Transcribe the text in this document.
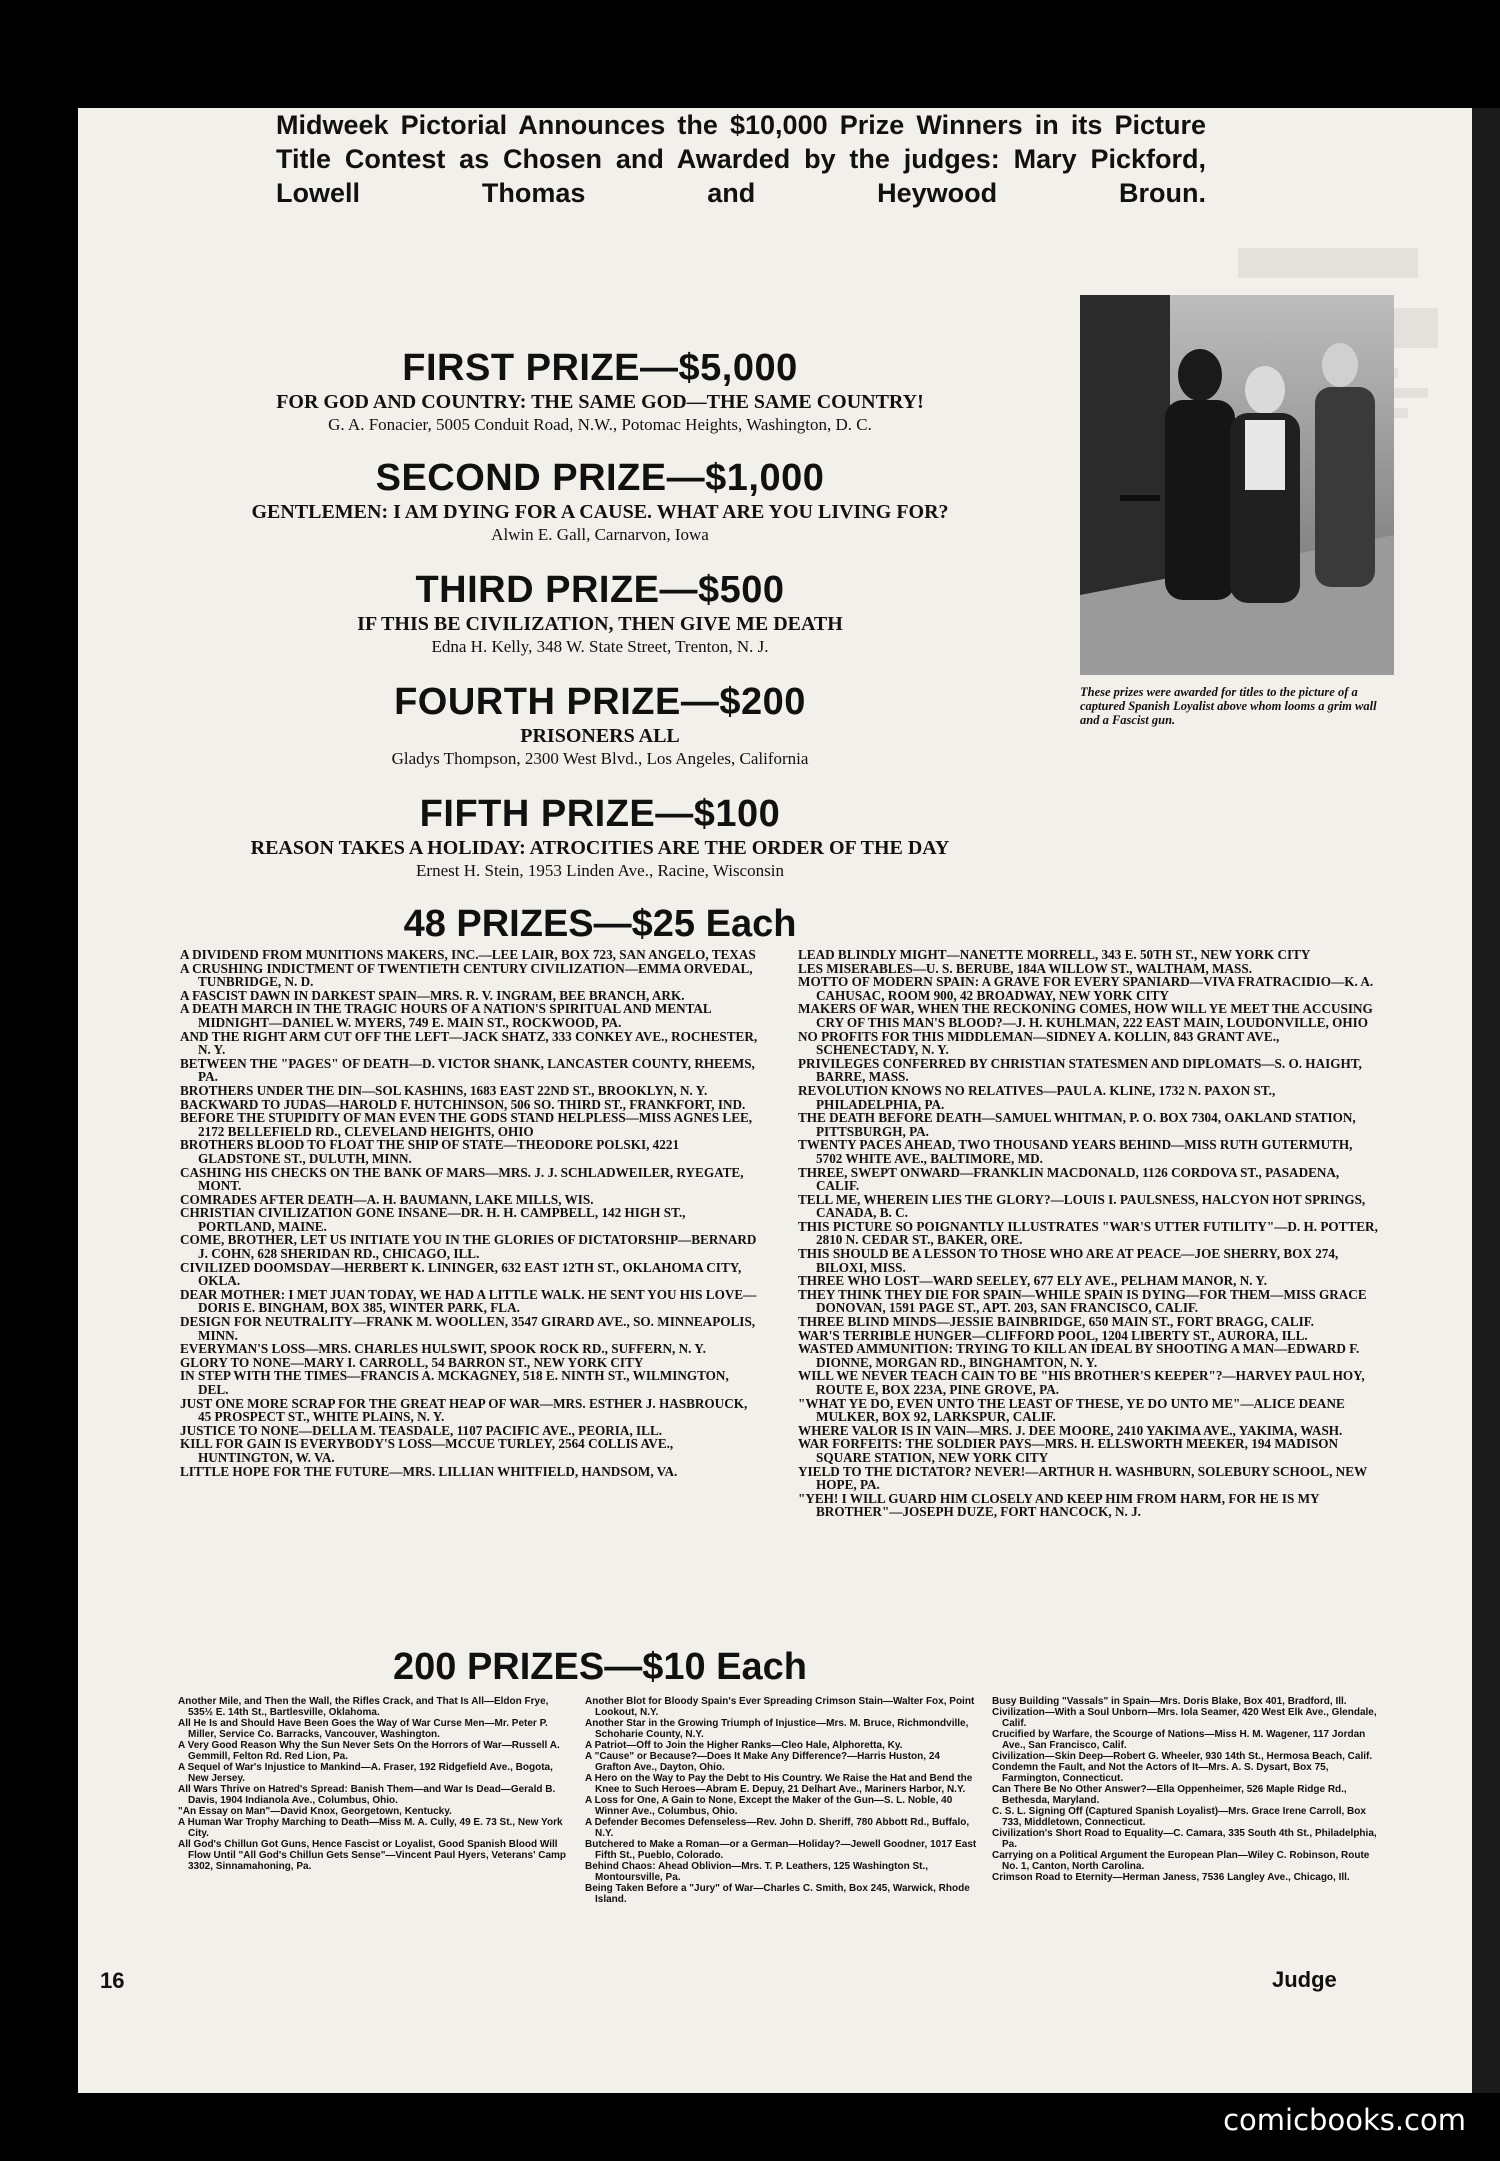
Midweek Pictorial Announces the $10,000 Prize Winners in its Picture Title Contest as Chosen and Awarded by the judges: Mary Pickford, Lowell Thomas and Heywood Broun.
FIRST PRIZE—$5,000
FOR GOD AND COUNTRY: THE SAME GOD—THE SAME COUNTRY!
G. A. Fonacier, 5005 Conduit Road, N.W., Potomac Heights, Washington, D. C.
SECOND PRIZE—$1,000
GENTLEMEN: I AM DYING FOR A CAUSE. WHAT ARE YOU LIVING FOR?
Alwin E. Gall, Carnarvon, Iowa
THIRD PRIZE—$500
IF THIS BE CIVILIZATION, THEN GIVE ME DEATH
Edna H. Kelly, 348 W. State Street, Trenton, N. J.
FOURTH PRIZE—$200
PRISONERS ALL
Gladys Thompson, 2300 West Blvd., Los Angeles, California
FIFTH PRIZE—$100
REASON TAKES A HOLIDAY: ATROCITIES ARE THE ORDER OF THE DAY
Ernest H. Stein, 1953 Linden Ave., Racine, Wisconsin
These prizes were awarded for titles to the picture of a captured Spanish Loyalist above whom looms a grim wall and a Fascist gun.
48 PRIZES—$25 Each

A DIVIDEND FROM MUNITIONS MAKERS, INC.—LEE LAIR, BOX 723, SAN ANGELO, TEXAS

A CRUSHING INDICTMENT OF TWENTIETH CENTURY CIVILIZATION—EMMA ORVEDAL, TUNBRIDGE, N. D.

A FASCIST DAWN IN DARKEST SPAIN—MRS. R. V. INGRAM, BEE BRANCH, ARK.

A DEATH MARCH IN THE TRAGIC HOURS OF A NATION'S SPIRITUAL AND MENTAL MIDNIGHT—DANIEL W. MYERS, 749 E. MAIN ST., ROCKWOOD, PA.

AND THE RIGHT ARM CUT OFF THE LEFT—JACK SHATZ, 333 CONKEY AVE., ROCHESTER, N. Y.

BETWEEN THE "PAGES" OF DEATH—D. VICTOR SHANK, LANCASTER COUNTY, RHEEMS, PA.

BROTHERS UNDER THE DIN—SOL KASHINS, 1683 EAST 22ND ST., BROOKLYN, N. Y.

BACKWARD TO JUDAS—HAROLD F. HUTCHINSON, 506 SO. THIRD ST., FRANKFORT, IND.

BEFORE THE STUPIDITY OF MAN EVEN THE GODS STAND HELPLESS—MISS AGNES LEE, 2172 BELLEFIELD RD., CLEVELAND HEIGHTS, OHIO

BROTHERS BLOOD TO FLOAT THE SHIP OF STATE—THEODORE POLSKI, 4221 GLADSTONE ST., DULUTH, MINN.

CASHING HIS CHECKS ON THE BANK OF MARS—MRS. J. J. SCHLADWEILER, RYEGATE, MONT.

COMRADES AFTER DEATH—A. H. BAUMANN, LAKE MILLS, WIS.

CHRISTIAN CIVILIZATION GONE INSANE—DR. H. H. CAMPBELL, 142 HIGH ST., PORTLAND, MAINE.

COME, BROTHER, LET US INITIATE YOU IN THE GLORIES OF DICTATORSHIP—BERNARD J. COHN, 628 SHERIDAN RD., CHICAGO, ILL.

CIVILIZED DOOMSDAY—HERBERT K. LININGER, 632 EAST 12TH ST., OKLAHOMA CITY, OKLA.

DEAR MOTHER: I MET JUAN TODAY, WE HAD A LITTLE WALK. HE SENT YOU HIS LOVE—DORIS E. BINGHAM, BOX 385, WINTER PARK, FLA.

DESIGN FOR NEUTRALITY—FRANK M. WOOLLEN, 3547 GIRARD AVE., SO. MINNEAPOLIS, MINN.

EVERYMAN'S LOSS—MRS. CHARLES HULSWIT, SPOOK ROCK RD., SUFFERN, N. Y.

GLORY TO NONE—MARY I. CARROLL, 54 BARRON ST., NEW YORK CITY

IN STEP WITH THE TIMES—FRANCIS A. MCKAGNEY, 518 E. NINTH ST., WILMINGTON, DEL.

JUST ONE MORE SCRAP FOR THE GREAT HEAP OF WAR—MRS. ESTHER J. HASBROUCK, 45 PROSPECT ST., WHITE PLAINS, N. Y.

JUSTICE TO NONE—DELLA M. TEASDALE, 1107 PACIFIC AVE., PEORIA, ILL.

KILL FOR GAIN IS EVERYBODY'S LOSS—MCCUE TURLEY, 2564 COLLIS AVE., HUNTINGTON, W. VA.

LITTLE HOPE FOR THE FUTURE—MRS. LILLIAN WHITFIELD, HANDSOM, VA.

LEAD BLINDLY MIGHT—NANETTE MORRELL, 343 E. 50TH ST., NEW YORK CITY

LES MISERABLES—U. S. BERUBE, 184A WILLOW ST., WALTHAM, MASS.

MOTTO OF MODERN SPAIN: A GRAVE FOR EVERY SPANIARD—VIVA FRATRACIDIO—K. A. CAHUSAC, ROOM 900, 42 BROADWAY, NEW YORK CITY

MAKERS OF WAR, WHEN THE RECKONING COMES, HOW WILL YE MEET THE ACCUSING CRY OF THIS MAN'S BLOOD?—J. H. KUHLMAN, 222 EAST MAIN, LOUDONVILLE, OHIO

NO PROFITS FOR THIS MIDDLEMAN—SIDNEY A. KOLLIN, 843 GRANT AVE., SCHENECTADY, N. Y.

PRIVILEGES CONFERRED BY CHRISTIAN STATESMEN AND DIPLOMATS—S. O. HAIGHT, BARRE, MASS.

REVOLUTION KNOWS NO RELATIVES—PAUL A. KLINE, 1732 N. PAXON ST., PHILADELPHIA, PA.

THE DEATH BEFORE DEATH—SAMUEL WHITMAN, P. O. BOX 7304, OAKLAND STATION, PITTSBURGH, PA.

TWENTY PACES AHEAD, TWO THOUSAND YEARS BEHIND—MISS RUTH GUTERMUTH, 5702 WHITE AVE., BALTIMORE, MD.

THREE, SWEPT ONWARD—FRANKLIN MACDONALD, 1126 CORDOVA ST., PASADENA, CALIF.

TELL ME, WHEREIN LIES THE GLORY?—LOUIS I. PAULSNESS, HALCYON HOT SPRINGS, CANADA, B. C.

THIS PICTURE SO POIGNANTLY ILLUSTRATES "WAR'S UTTER FUTILITY"—D. H. POTTER, 2810 N. CEDAR ST., BAKER, ORE.

THIS SHOULD BE A LESSON TO THOSE WHO ARE AT PEACE—JOE SHERRY, BOX 274, BILOXI, MISS.

THREE WHO LOST—WARD SEELEY, 677 ELY AVE., PELHAM MANOR, N. Y.

THEY THINK THEY DIE FOR SPAIN—WHILE SPAIN IS DYING—FOR THEM—MISS GRACE DONOVAN, 1591 PAGE ST., APT. 203, SAN FRANCISCO, CALIF.

THREE BLIND MINDS—JESSIE BAINBRIDGE, 650 MAIN ST., FORT BRAGG, CALIF.

WAR'S TERRIBLE HUNGER—CLIFFORD POOL, 1204 LIBERTY ST., AURORA, ILL.

WASTED AMMUNITION: TRYING TO KILL AN IDEAL BY SHOOTING A MAN—EDWARD F. DIONNE, MORGAN RD., BINGHAMTON, N. Y.

WILL WE NEVER TEACH CAIN TO BE "HIS BROTHER'S KEEPER"?—HARVEY PAUL HOY, ROUTE E, BOX 223A, PINE GROVE, PA.

"WHAT YE DO, EVEN UNTO THE LEAST OF THESE, YE DO UNTO ME"—ALICE DEANE MULKER, BOX 92, LARKSPUR, CALIF.

WHERE VALOR IS IN VAIN—MRS. J. DEE MOORE, 2410 YAKIMA AVE., YAKIMA, WASH.

WAR FORFEITS: THE SOLDIER PAYS—MRS. H. ELLSWORTH MEEKER, 194 MADISON SQUARE STATION, NEW YORK CITY

YIELD TO THE DICTATOR? NEVER!—ARTHUR H. WASHBURN, SOLEBURY SCHOOL, NEW HOPE, PA.

"YEH! I WILL GUARD HIM CLOSELY AND KEEP HIM FROM HARM, FOR HE IS MY BROTHER"—JOSEPH DUZE, FORT HANCOCK, N. J.

200 PRIZES—$10 Each

Another Mile, and Then the Wall, the Rifles Crack, and That Is All—Eldon Frye, 535½ E. 14th St., Bartlesville, Oklahoma.

All He Is and Should Have Been Goes the Way of War Curse Men—Mr. Peter P. Miller, Service Co. Barracks, Vancouver, Washington.

A Very Good Reason Why the Sun Never Sets On the Horrors of War—Russell A. Gemmill, Felton Rd. Red Lion, Pa.

A Sequel of War's Injustice to Mankind—A. Fraser, 192 Ridgefield Ave., Bogota, New Jersey.

All Wars Thrive on Hatred's Spread: Banish Them—and War Is Dead—Gerald B. Davis, 1904 Indianola Ave., Columbus, Ohio.

"An Essay on Man"—David Knox, Georgetown, Kentucky.

A Human War Trophy Marching to Death—Miss M. A. Cully, 49 E. 73 St., New York City.

All God's Chillun Got Guns, Hence Fascist or Loyalist, Good Spanish Blood Will Flow Until "All God's Chillun Gets Sense"—Vincent Paul Hyers, Veterans' Camp 3302, Sinnamahoning, Pa.

Another Blot for Bloody Spain's Ever Spreading Crimson Stain—Walter Fox, Point Lookout, N.Y.

Another Star in the Growing Triumph of Injustice—Mrs. M. Bruce, Richmondville, Schoharie County, N.Y.

A Patriot—Off to Join the Higher Ranks—Cleo Hale, Alphoretta, Ky.

A "Cause" or Because?—Does It Make Any Difference?—Harris Huston, 24 Grafton Ave., Dayton, Ohio.

A Hero on the Way to Pay the Debt to His Country. We Raise the Hat and Bend the Knee to Such Heroes—Abram E. Depuy, 21 Delhart Ave., Mariners Harbor, N.Y.

A Loss for One, A Gain to None, Except the Maker of the Gun—S. L. Noble, 40 Winner Ave., Columbus, Ohio.

A Defender Becomes Defenseless—Rev. John D. Sheriff, 780 Abbott Rd., Buffalo, N.Y.

Butchered to Make a Roman—or a German—Holiday?—Jewell Goodner, 1017 East Fifth St., Pueblo, Colorado.

Behind Chaos: Ahead Oblivion—Mrs. T. P. Leathers, 125 Washington St., Montoursville, Pa.

Being Taken Before a "Jury" of War—Charles C. Smith, Box 245, Warwick, Rhode Island.

Busy Building "Vassals" in Spain—Mrs. Doris Blake, Box 401, Bradford, Ill.

Civilization—With a Soul Unborn—Mrs. Iola Seamer, 420 West Elk Ave., Glendale, Calif.

Crucified by Warfare, the Scourge of Nations—Miss H. M. Wagener, 117 Jordan Ave., San Francisco, Calif.

Civilization—Skin Deep—Robert G. Wheeler, 930 14th St., Hermosa Beach, Calif.

Condemn the Fault, and Not the Actors of It—Mrs. A. S. Dysart, Box 75, Farmington, Connecticut.

Can There Be No Other Answer?—Ella Oppenheimer, 526 Maple Ridge Rd., Bethesda, Maryland.

C. S. L. Signing Off (Captured Spanish Loyalist)—Mrs. Grace Irene Carroll, Box 733, Middletown, Connecticut.

Civilization's Short Road to Equality—C. Camara, 335 South 4th St., Philadelphia, Pa.

Carrying on a Political Argument the European Plan—Wiley C. Robinson, Route No. 1, Canton, North Carolina.

Crimson Road to Eternity—Herman Janess, 7536 Langley Ave., Chicago, Ill.

16	Judge
comicbooks.com
